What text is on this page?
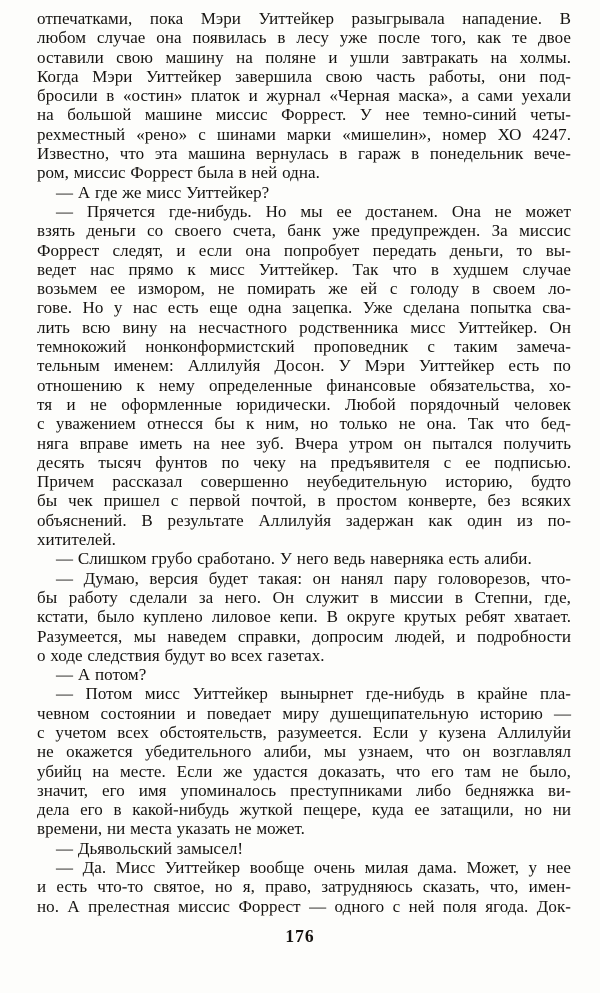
отпечатками, пока Мэри Уиттейкер разыгрывала нападение. В
любом случае она появилась в лесу уже после того, как те двое
оставили свою машину на поляне и ушли завтракать на холмы.
Когда Мэри Уиттейкер завершила свою часть работы, они под-
бросили в «остин» платок и журнал «Черная маска», а сами уехали
на большой машине миссис Форрест. У нее темно-синий четы-
рехместный «рено» с шинами марки «мишелин», номер ХО 4247.
Известно, что эта машина вернулась в гараж в понедельник вече-
ром, миссис Форрест была в ней одна.
— А где же мисс Уиттейкер?
— Прячется где-нибудь. Но мы ее достанем. Она не может
взять деньги со своего счета, банк уже предупрежден. За миссис
Форрест следят, и если она попробует передать деньги, то вы-
ведет нас прямо к мисс Уиттейкер. Так что в худшем случае
возьмем ее измором, не помирать же ей с голоду в своем ло-
гове. Но у нас есть еще одна зацепка. Уже сделана попытка сва-
лить всю вину на несчастного родственника мисс Уиттейкер. Он
темнокожий нонконформистский проповедник с таким замеча-
тельным именем: Аллилуйя Досон. У Мэри Уиттейкер есть по
отношению к нему определенные финансовые обязательства, хо-
тя и не оформленные юридически. Любой порядочный человек
с уважением отнесся бы к ним, но только не она. Так что бед-
няга вправе иметь на нее зуб. Вчера утром он пытался получить
десять тысяч фунтов по чеку на предъявителя с ее подписью.
Причем рассказал совершенно неубедительную историю, будто
бы чек пришел с первой почтой, в простом конверте, без всяких
объяснений. В результате Аллилуйя задержан как один из по-
хитителей.
— Слишком грубо сработано. У него ведь наверняка есть алиби.
— Думаю, версия будет такая: он нанял пару головорезов, что-
бы работу сделали за него. Он служит в миссии в Степни, где,
кстати, было куплено лиловое кепи. В округе крутых ребят хватает.
Разумеется, мы наведем справки, допросим людей, и подробности
о ходе следствия будут во всех газетах.
— А потом?
— Потом мисс Уиттейкер вынырнет где-нибудь в крайне пла-
чевном состоянии и поведает миру душещипательную историю —
с учетом всех обстоятельств, разумеется. Если у кузена Аллилуйи
не окажется убедительного алиби, мы узнаем, что он возглавлял
убийц на месте. Если же удастся доказать, что его там не было,
значит, его имя упоминалось преступниками либо бедняжка ви-
дела его в какой-нибудь жуткой пещере, куда ее затащили, но ни
времени, ни места указать не может.
— Дьявольский замысел!
— Да. Мисс Уиттейкер вообще очень милая дама. Может, у нее
и есть что-то святое, но я, право, затрудняюсь сказать, что, имен-
но. А прелестная миссис Форрест — одного с ней поля ягода. Док-
176
